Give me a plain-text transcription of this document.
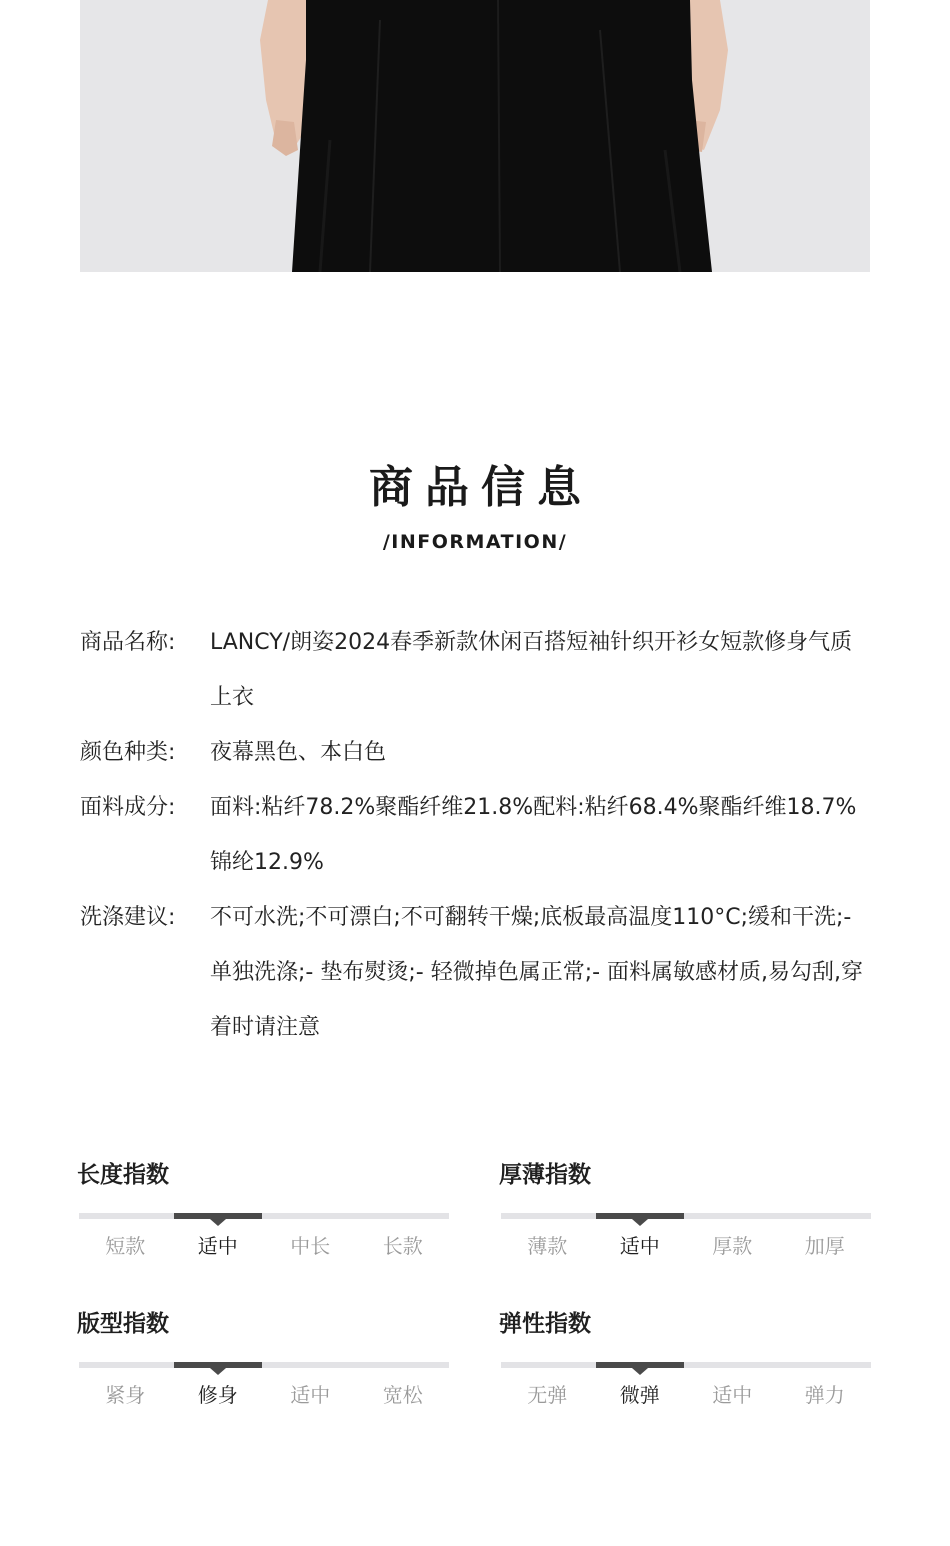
商品信息
/INFORMATION/
商品名称:	LANCY/朗姿2024春季新款休闲百搭短袖针织开衫女短款修身气质上衣
颜色种类:	夜幕黑色、本白色
面料成分:	面料:粘纤78.2%聚酯纤维21.8%配料:粘纤68.4%聚酯纤维18.7%锦纶12.9%
洗涤建议:	不可水洗;不可漂白;不可翻转干燥;底板最高温度110°C;缓和干洗;- 单独洗涤;- 垫布熨烫;- 轻微掉色属正常;- 面料属敏感材质,易勾刮,穿着时请注意
长度指数
短款	适中	中长	长款
厚薄指数
薄款	适中	厚款	加厚
版型指数
紧身	修身	适中	宽松
弹性指数
无弹	微弹	适中	弹力
